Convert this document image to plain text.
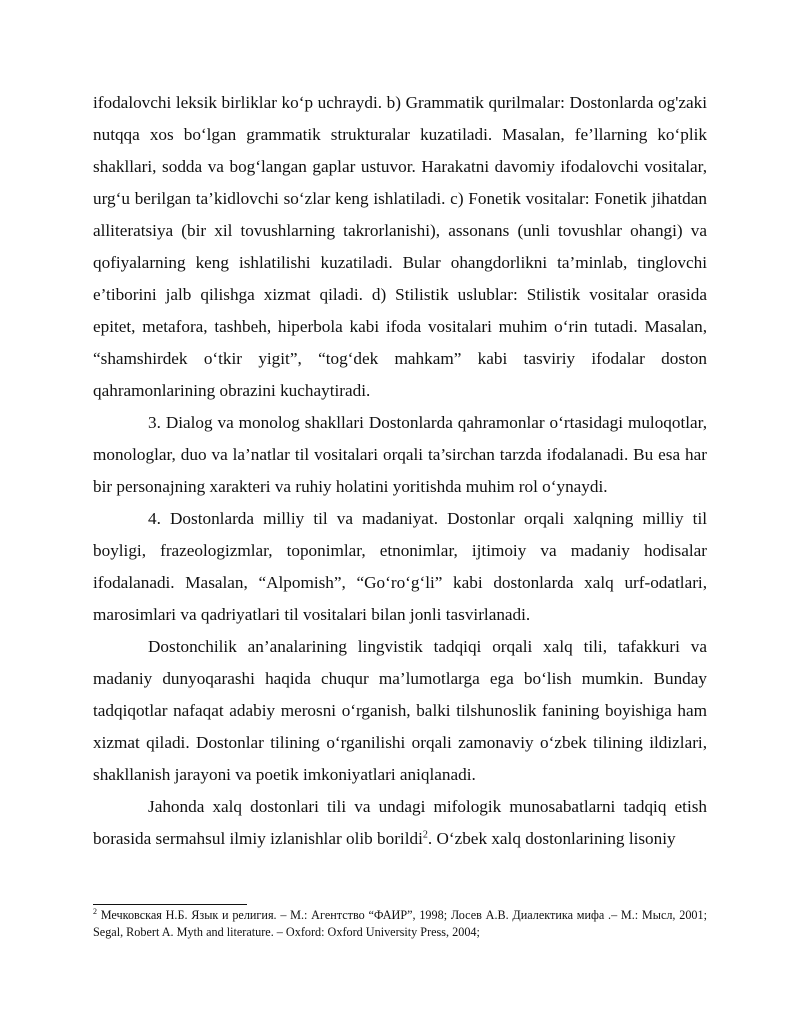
ifodalovchi leksik birliklar ko‘p uchraydi. b) Grammatik qurilmalar: Dostonlarda og'zaki nutqqa xos bo‘lgan grammatik strukturalar kuzatiladi. Masalan, fe’llarning ko‘plik shakllari, sodda va bog‘langan gaplar ustuvor. Harakatni davomiy ifodalovchi vositalar, urg‘u berilgan ta’kidlovchi so‘zlar keng ishlatiladi. c) Fonetik vositalar: Fonetik jihatdan alliteratsiya (bir xil tovushlarning takrorlanishi), assonans (unli tovushlar ohangi) va qofiyalarning keng ishlatilishi kuzatiladi. Bular ohangdorlikni ta’minlab, tinglovchi e’tiborini jalb qilishga xizmat qiladi. d) Stilistik uslublar: Stilistik vositalar orasida epitet, metafora, tashbeh, hiperbola kabi ifoda vositalari muhim o‘rin tutadi. Masalan, “shamshirdek o‘tkir yigit”, “tog‘dek mahkam” kabi tasviriy ifodalar doston qahramonlarining obrazini kuchaytiradi.

3. Dialog va monolog shakllari Dostonlarda qahramonlar o‘rtasidagi muloqotlar, monologlar, duo va la’natlar til vositalari orqali ta’sirchan tarzda ifodalanadi. Bu esa har bir personajning xarakteri va ruhiy holatini yoritishda muhim rol o‘ynaydi.

4. Dostonlarda milliy til va madaniyat. Dostonlar orqali xalqning milliy til boyligi, frazeologizmlar, toponimlar, etnonimlar, ijtimoiy va madaniy hodisalar ifodalanadi. Masalan, “Alpomish”, “Go‘ro‘g‘li” kabi dostonlarda xalq urf-odatlari, marosimlari va qadriyatlari til vositalari bilan jonli tasvirlanadi.

Dostonchilik an’analarining lingvistik tadqiqi orqali xalq tili, tafakkuri va madaniy dunyoqarashi haqida chuqur ma’lumotlarga ega bo‘lish mumkin. Bunday tadqiqotlar nafaqat adabiy merosni o‘rganish, balki tilshunoslik fanining boyishiga ham xizmat qiladi. Dostonlar tilining o‘rganilishi orqali zamonaviy o‘zbek tilining ildizlari, shakllanish jarayoni va poetik imkoniyatlari aniqlanadi.

Jahonda xalq dostonlari tili va undagi mifologik munosabatlarni tadqiq etish borasida sermahsul ilmiy izlanishlar olib borildi$^2$. O‘zbek xalq dostonlarining lisoniy

$^2$ Мечковская Н.Б. Язык и религия. – М.: Агентство “ФАИР”, 1998; Лосев А.В. Диалектика мифа .– М.: Мысл, 2001; Segal, Robert A. Myth and literature. – Oxford: Oxford University Press, 2004;
